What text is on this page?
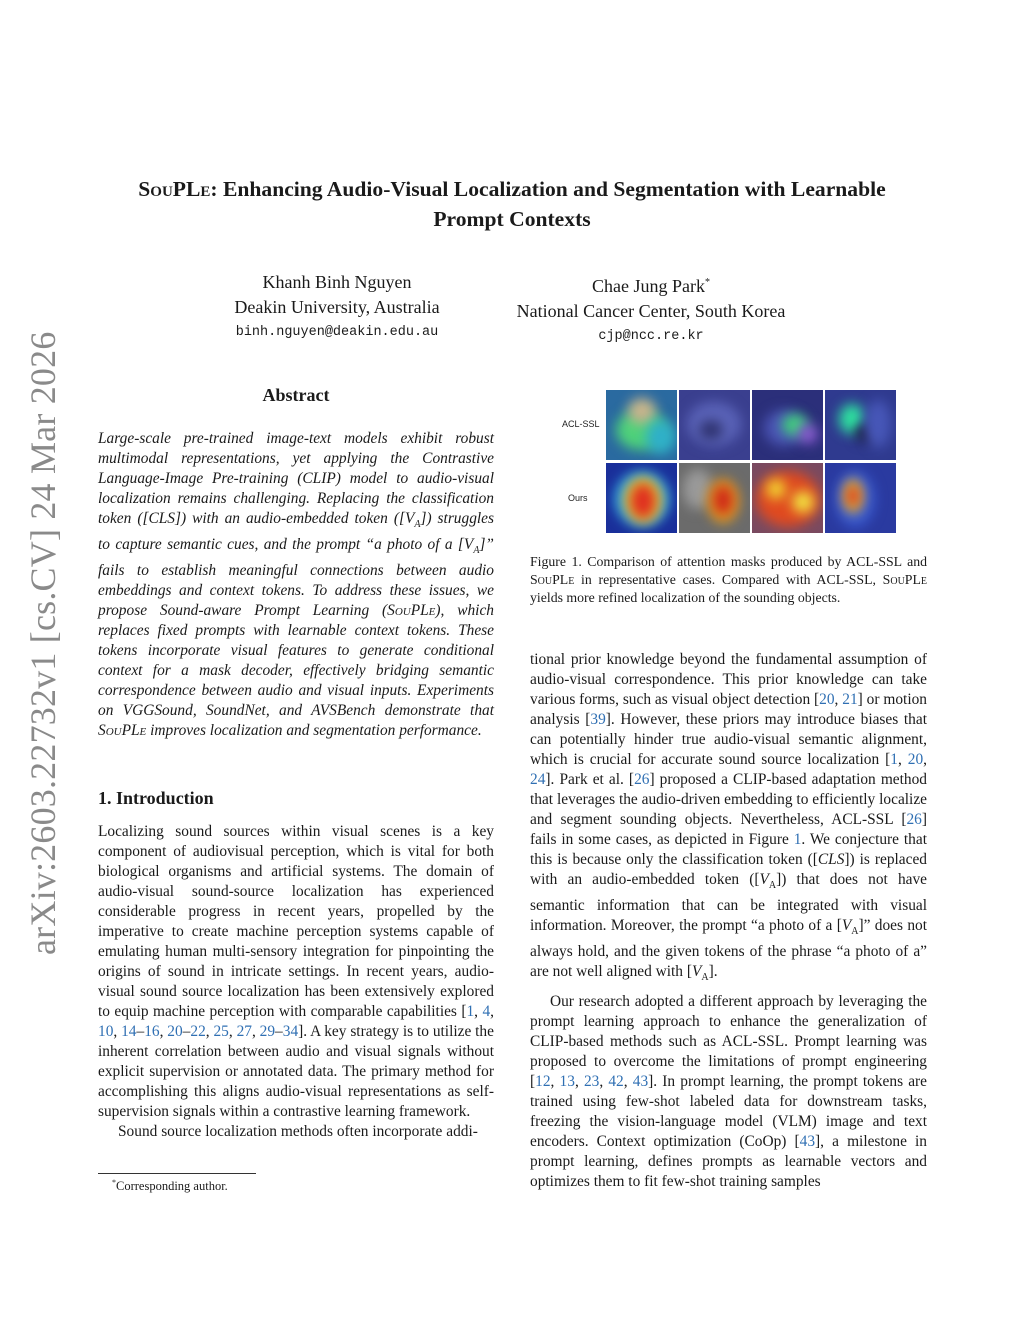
arXiv:2603.22732v1 [cs.CV] 24 Mar 2026
SouPLe: Enhancing Audio-Visual Localization and Segmentation with Learnable
Prompt Contexts
Khanh Binh Nguyen
Deakin University, Australia
binh.nguyen@deakin.edu.au
Chae Jung Park*
National Cancer Center, South Korea
cjp@ncc.re.kr
Abstract
Large-scale pre-trained image-text models exhibit robust multimodal representations, yet applying the Contrastive Language-Image Pre-training (CLIP) model to audio-visual localization remains challenging. Replacing the classification token ([CLS]) with an audio-embedded token $([V_A])$ struggles to capture semantic cues, and the prompt “a photo of a $[V_A]$” fails to establish meaningful connections between audio embeddings and context tokens. To address these issues, we propose Sound-aware Prompt Learning (SouPLe), which replaces fixed prompts with learnable context tokens. These tokens incorporate visual features to generate conditional context for a mask decoder, effectively bridging semantic correspondence between audio and visual inputs. Experiments on VGGSound, SoundNet, and AVSBench demonstrate that SouPLe improves localization and segmentation performance.
1. Introduction

Localizing sound sources within visual scenes is a key component of audiovisual perception, which is vital for both biological organisms and artificial systems. The domain of audio-visual sound-source localization has experienced considerable progress in recent years, propelled by the imperative to create machine perception systems capable of emulating human multi-sensory integration for pinpointing the origins of sound in intricate settings. In recent years, audio-visual sound source localization has been extensively explored to equip machine perception with comparable capabilities [1, 4, 10, 14–16, 20–22, 25, 27, 29–34]. A key strategy is to utilize the inherent correlation between audio and visual signals without explicit supervision or annotated data. The primary method for accomplishing this aligns audio-visual representations as self-supervision signals within a contrastive learning framework.

Sound source localization methods often incorporate addi-

*Corresponding author.
ACL-SSL
Ours
Figure 1. Comparison of attention masks produced by ACL-SSL and SouPLe in representative cases. Compared with ACL-SSL, SouPLe yields more refined localization of the sounding objects.

tional prior knowledge beyond the fundamental assumption of audio-visual correspondence. This prior knowledge can take various forms, such as visual object detection [20, 21] or motion analysis [39]. However, these priors may introduce biases that can potentially hinder true audio-visual semantic alignment, which is crucial for accurate sound source localization [1, 20, 24]. Park et al. [26] proposed a CLIP-based adaptation method that leverages the audio-driven embedding to efficiently localize and segment sounding objects. Nevertheless, ACL-SSL [26] fails in some cases, as depicted in Figure 1. We conjecture that this is because only the classification token ([CLS]) is replaced with an audio-embedded token $([V_A])$ that does not have semantic information that can be integrated with visual information. Moreover, the prompt “a photo of a $[V_A]$” does not always hold, and the given tokens of the phrase “a photo of a” are not well aligned with $[V_A]$.

Our research adopted a different approach by leveraging the prompt learning approach to enhance the generalization of CLIP-based methods such as ACL-SSL. Prompt learning was proposed to overcome the limitations of prompt engineering [12, 13, 23, 42, 43]. In prompt learning, the prompt tokens are trained using few-shot labeled data for downstream tasks, freezing the vision-language model (VLM) image and text encoders. Context optimization (CoOp) [43], a milestone in prompt learning, defines prompts as learnable vectors and optimizes them to fit few-shot training samples
